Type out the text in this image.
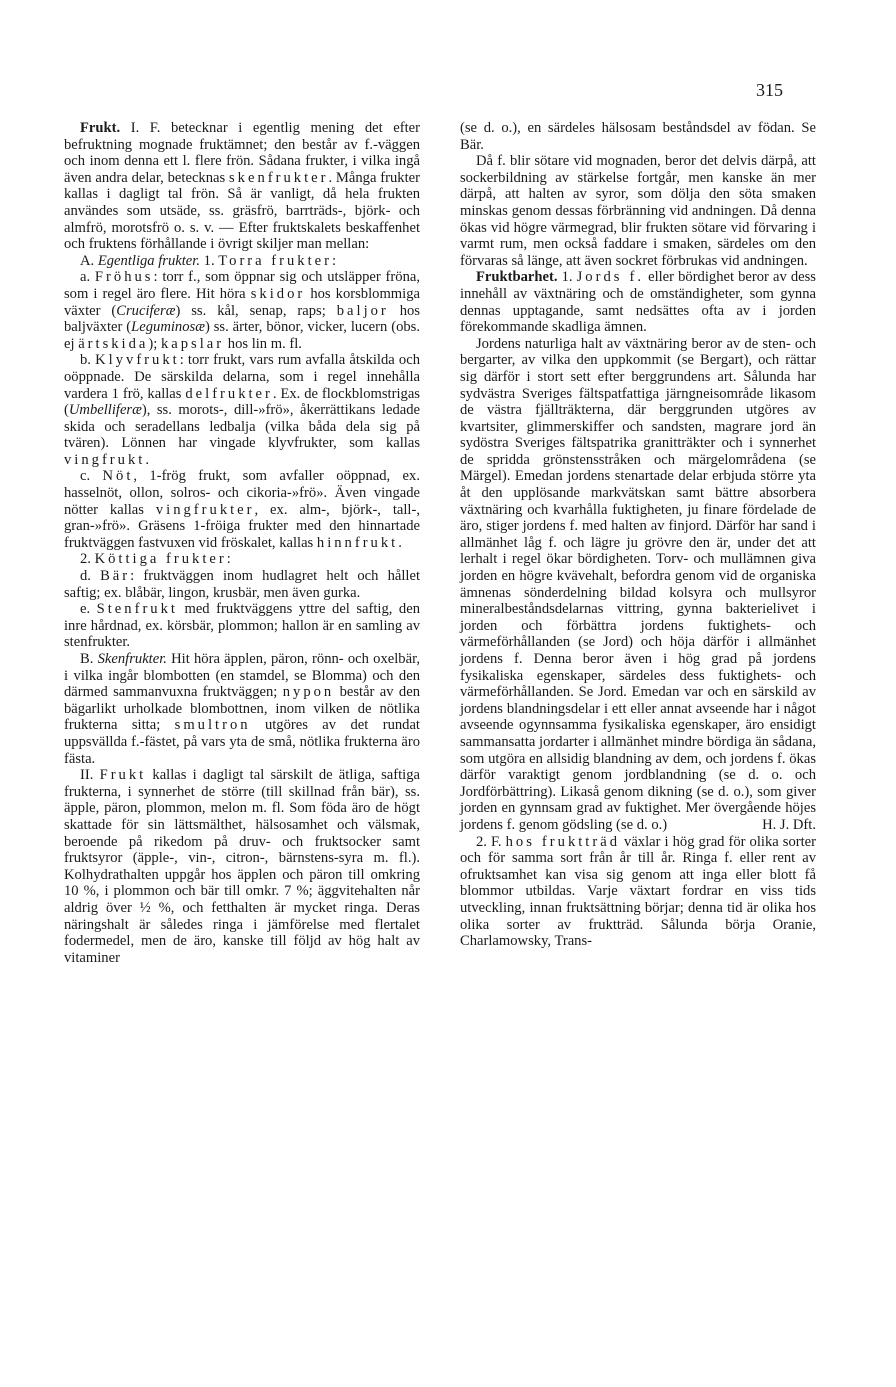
315

Frukt. I. F. betecknar i egentlig mening det efter befruktning mognade fruktämnet; den består av f.-väggen och inom denna ett l. flere frön. Sådana frukter, i vilka ingå även andra delar, betecknas skenfrukter. Många frukter kallas i dagligt tal frön. Så är vanligt, då hela frukten användes som utsäde, ss. gräsfrö, barrträds-, björk- och almfrö, morotsfrö o. s. v. — Efter fruktskalets beskaffenhet och fruktens förhållande i övrigt skiljer man mellan:

A. Egentliga frukter. 1. Torra frukter:

a. Fröhus: torr f., som öppnar sig och utsläpper fröna, som i regel äro flere. Hit höra skidor hos korsblommiga växter (Cruciferæ) ss. kål, senap, raps; baljor hos baljväxter (Leguminosæ) ss. ärter, bönor, vicker, lucern (obs. ej ärtskida); kapslar hos lin m. fl.

b. Klyvfrukt: torr frukt, vars rum avfalla åtskilda och oöppnade. De särskilda delarna, som i regel innehålla vardera 1 frö, kallas delfrukter. Ex. de flockblomstrigas (Umbelliferæ), ss. morots-, dill-»frö», åkerrättikans ledade skida och seradellans ledbalja (vilka båda dela sig på tvären). Lönnen har vingade klyvfrukter, som kallas vingfrukt.

c. Nöt, 1-frög frukt, som avfaller oöppnad, ex. hasselnöt, ollon, solros- och cikoria-»frö». Även vingade nötter kallas vingfrukter, ex. alm-, björk-, tall-, gran-»frö». Gräsens 1-fröiga frukter med den hinnartade fruktväggen fastvuxen vid fröskalet, kallas hinnfrukt.

2. Köttiga frukter:

d. Bär: fruktväggen inom hudlagret helt och hållet saftig; ex. blåbär, lingon, krusbär, men även gurka.

e. Stenfrukt med fruktväggens yttre del saftig, den inre hårdnad, ex. körsbär, plommon; hallon är en samling av stenfrukter.

B. Skenfrukter. Hit höra äpplen, päron, rönn- och oxelbär, i vilka ingår blombotten (en stamdel, se Blomma) och den därmed sammanvuxna fruktväggen; nypon består av den bägarlikt urholkade blombottnen, inom vilken de nötlika frukterna sitta; smultron utgöres av det rundat uppsvällda f.-fästet, på vars yta de små, nötlika frukterna äro fästa.

II. Frukt kallas i dagligt tal särskilt de ätliga, saftiga frukterna, i synnerhet de större (till skillnad från bär), ss. äpple, päron, plommon, melon m. fl. Som föda äro de högt skattade för sin lättsmälthet, hälsosamhet och välsmak, beroende på rikedom på druv- och fruktsocker samt fruktsyror (äpple-, vin-, citron-, bärnstens-syra m. fl.). Kolhydrathalten uppgår hos äpplen och päron till omkring 10 %, i plommon och bär till omkr. 7 %; äggvitehalten når aldrig över ½ %, och fetthalten är mycket ringa. Deras näringshalt är således ringa i jämförelse med flertalet fodermedel, men de äro, kanske till följd av hög halt av vitaminer

(se d. o.), en särdeles hälsosam beståndsdel av födan. Se Bär.

Då f. blir sötare vid mognaden, beror det delvis därpå, att sockerbildning av stärkelse fortgår, men kanske än mer därpå, att halten av syror, som dölja den söta smaken minskas genom dessas förbränning vid andningen. Då denna ökas vid högre värmegrad, blir frukten sötare vid förvaring i varmt rum, men också faddare i smaken, särdeles om den förvaras så länge, att även sockret förbrukas vid andningen.

Fruktbarhet. 1. Jords f. eller bördighet beror av dess innehåll av växtnäring och de omständigheter, som gynna dennas upptagande, samt nedsättes ofta av i jorden förekommande skadliga ämnen.

Jordens naturliga halt av växtnäring beror av de sten- och bergarter, av vilka den uppkommit (se Bergart), och rättar sig därför i stort sett efter berggrundens art. Sålunda har sydvästra Sveriges fältspatfattiga järngneisområde likasom de västra fjällträkterna, där berggrunden utgöres av kvartsiter, glimmerskiffer och sandsten, magrare jord än sydöstra Sveriges fältspatrika granitträkter och i synnerhet de spridda grönstensstråken och märgelområdena (se Märgel). Emedan jordens stenartade delar erbjuda större yta åt den upplösande markvätskan samt bättre absorbera växtnäring och kvarhålla fuktigheten, ju finare fördelade de äro, stiger jordens f. med halten av finjord. Därför har sand i allmänhet låg f. och lägre ju grövre den är, under det att lerhalt i regel ökar bördigheten. Torv- och mullämnen giva jorden en högre kvävehalt, befordra genom vid de organiska ämnenas sönderdelning bildad kolsyra och mullsyror mineralbeståndsdelarnas vittring, gynna bakterielivet i jorden och förbättra jordens fuktighets- och värmeförhållanden (se Jord) och höja därför i allmänhet jordens f. Denna beror även i hög grad på jordens fysikaliska egenskaper, särdeles dess fuktighets- och värmeförhållanden. Se Jord. Emedan var och en särskild av jordens blandningsdelar i ett eller annat avseende har i något avseende ogynnsamma fysikaliska egenskaper, äro ensidigt sammansatta jordarter i allmänhet mindre bördiga än sådana, som utgöra en allsidig blandning av dem, och jordens f. ökas därför varaktigt genom jordblandning (se d. o. och Jordförbättring). Likaså genom dikning (se d. o.), som giver jorden en gynnsam grad av fuktighet. Mer övergående höjes jordens f. genom gödsling (se d. o.)	H. J. Dft.

2. F. hos fruktträd växlar i hög grad för olika sorter och för samma sort från år till år. Ringa f. eller rent av ofruktsamhet kan visa sig genom att inga eller blott få blommor utbildas. Varje växtart fordrar en viss tids utveckling, innan fruktsättning börjar; denna tid är olika hos olika sorter av fruktträd. Sålunda börja Oranie, Charlamowsky, Trans-
